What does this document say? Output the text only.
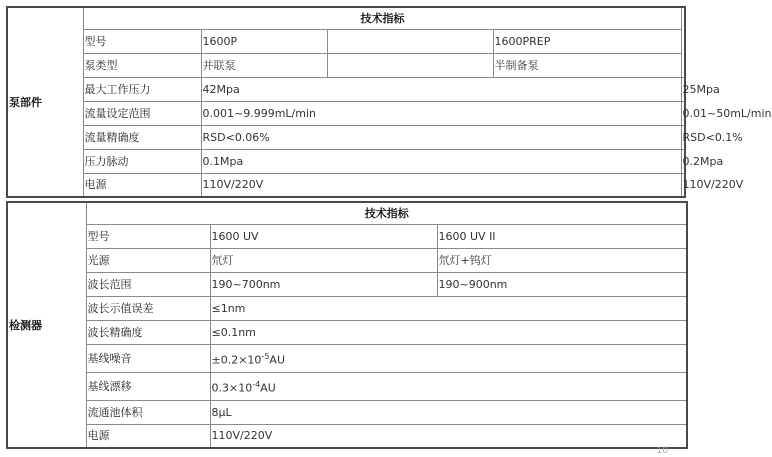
泵部件	技术指标				
	型号	1600P		1600PREP	
	泵类型	并联泵		半制备泵	
	最大工作压力	42Mpa			25Mpa
	流量设定范围	0.001~9.999mL/min			0.01~50mL/min
	流量精确度	RSD<0.06%			RSD<0.1%
	压力脉动	0.1Mpa			0.2Mpa
	电源	110V/220V			110V/220V
检测器	技术指标		
	型号	1600 UV	1600 UV II
	光源	氘灯	氘灯+钨灯
	波长范围	190~700nm	190~900nm
	波长示值误差	≤1nm	
	波长精确度	≤0.1nm	
	基线噪音	$\pm 0.2\times 10^{-5}AU$	
	基线漂移	$0.3\times 10^{-4}AU$	
	流通池体积	8μL	
	电源	110V/220V	
10
